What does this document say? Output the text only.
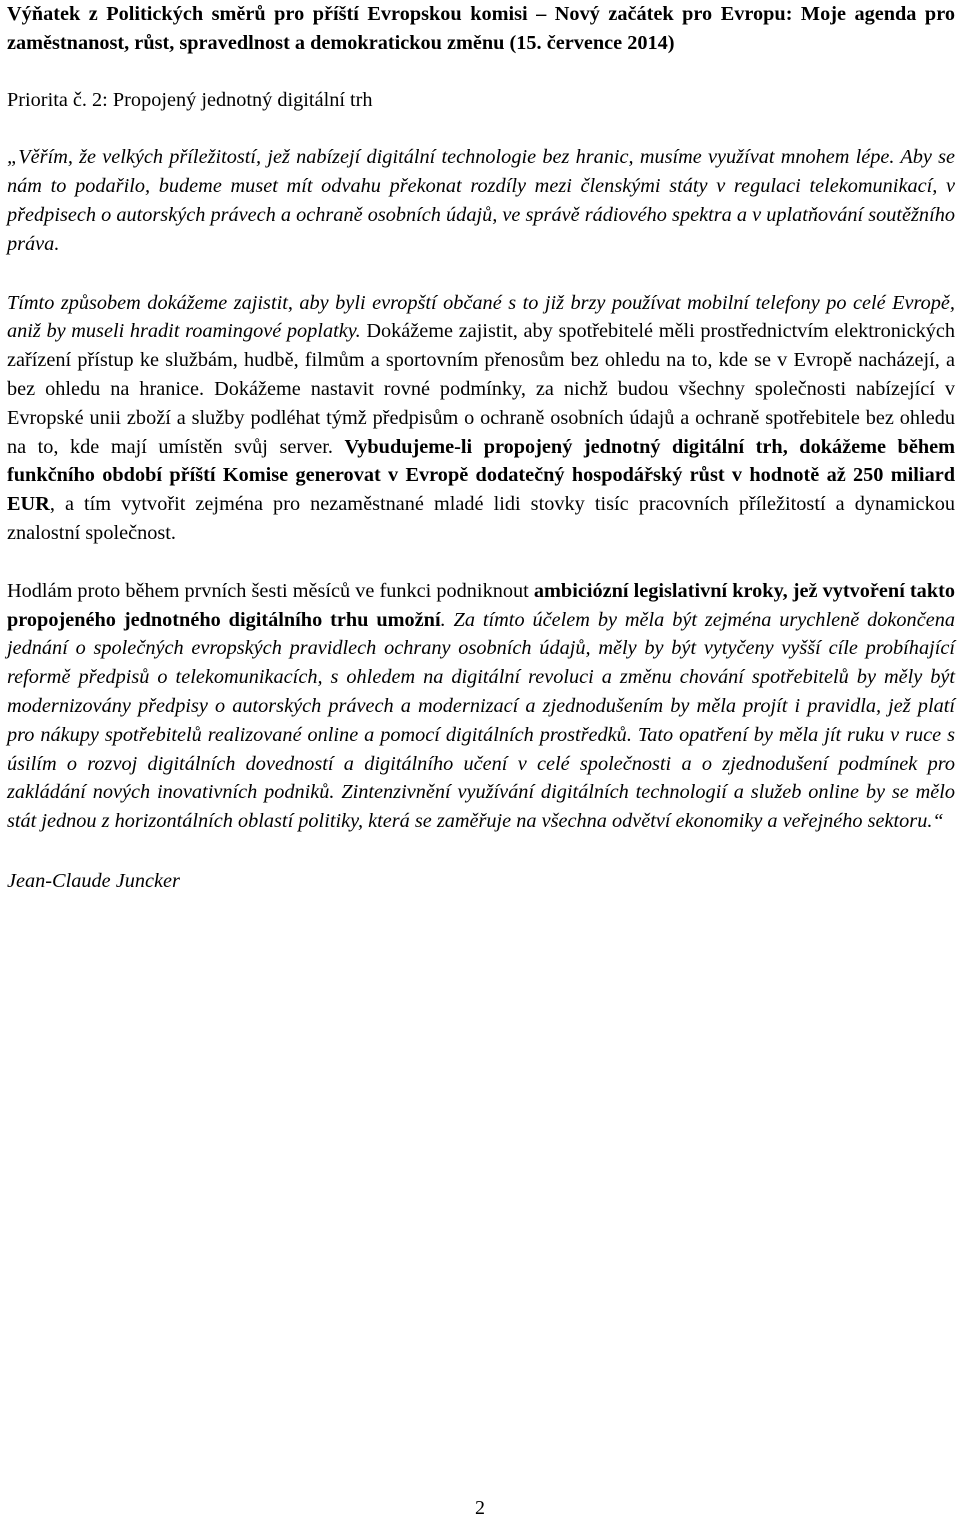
Výňatek z Politických směrů pro příští Evropskou komisi – Nový začátek pro Evropu: Moje agenda pro zaměstnanost, růst, spravedlnost a demokratickou změnu (15. července 2014)

Priorita č. 2: Propojený jednotný digitální trh

„Věřím, že velkých příležitostí, jež nabízejí digitální technologie bez hranic, musíme využívat mnohem lépe. Aby se nám to podařilo, budeme muset mít odvahu překonat rozdíly mezi členskými státy v regulaci telekomunikací, v předpisech o autorských právech a ochraně osobních údajů, ve správě rádiového spektra a v uplatňování soutěžního práva.

Tímto způsobem dokážeme zajistit, aby byli evropští občané s to již brzy používat mobilní telefony po celé Evropě, aniž by museli hradit roamingové poplatky. Dokážeme zajistit, aby spotřebitelé měli prostřednictvím elektronických zařízení přístup ke službám, hudbě, filmům a sportovním přenosům bez ohledu na to, kde se v Evropě nacházejí, a bez ohledu na hranice. Dokážeme nastavit rovné podmínky, za nichž budou všechny společnosti nabízející v Evropské unii zboží a služby podléhat týmž předpisům o ochraně osobních údajů a ochraně spotřebitele bez ohledu na to, kde mají umístěn svůj server. Vybudujeme-li propojený jednotný digitální trh, dokážeme během funkčního období příští Komise generovat v Evropě dodatečný hospodářský růst v hodnotě až 250 miliard EUR, a tím vytvořit zejména pro nezaměstnané mladé lidi stovky tisíc pracovních příležitostí a dynamickou znalostní společnost.

Hodlám proto během prvních šesti měsíců ve funkci podniknout ambiciózní legislativní kroky, jež vytvoření takto propojeného jednotného digitálního trhu umožní. Za tímto účelem by měla být zejména urychleně dokončena jednání o společných evropských pravidlech ochrany osobních údajů, měly by být vytyčeny vyšší cíle probíhající reformě předpisů o telekomunikacích, s ohledem na digitální revoluci a změnu chování spotřebitelů by měly být modernizovány předpisy o autorských právech a modernizací a zjednodušením by měla projít i pravidla, jež platí pro nákupy spotřebitelů realizované online a pomocí digitálních prostředků. Tato opatření by měla jít ruku v ruce s úsilím o rozvoj digitálních dovedností a digitálního učení v celé společnosti a o zjednodušení podmínek pro zakládání nových inovativních podniků. Zintenzivnění využívání digitálních technologií a služeb online by se mělo stát jednou z horizontálních oblastí politiky, která se zaměřuje na všechna odvětví ekonomiky a veřejného sektoru.“

Jean-Claude Juncker

2
